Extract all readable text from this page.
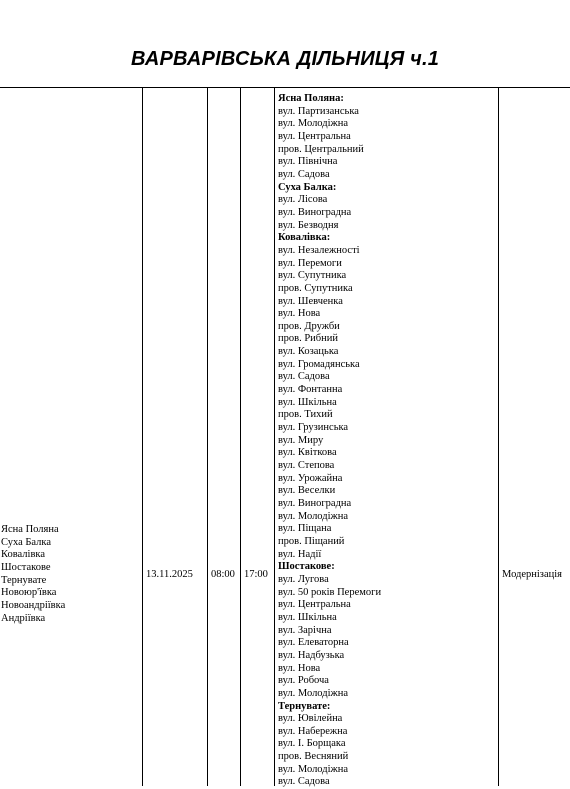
ВАРВАРІВСЬКА ДІЛЬНИЦЯ ч.1
Ясна Поляна
Суха Балка
Ковалівка
Шостакове
Тернувате
Новоюр'ївка
Новоандріївка
Андріївка
13.11.2025 08:00 17:00
Ясна Поляна:
вул. Партизанська
вул. Молодіжна
вул. Центральна
пров. Центральний
вул. Північна
вул. Садова
Суха Балка:
вул. Лісова
вул. Виноградна
вул. Безводня
Ковалівка:
вул. Незалежності
вул. Перемоги
вул. Супутника
пров. Супутника
вул. Шевченка
вул. Нова
пров. Дружби
пров. Рибний
вул. Козацька
вул. Громадянська
вул. Садова
вул. Фонтанна
вул. Шкільна
пров. Тихий
вул. Грузинська
вул. Миру
вул. Квіткова
вул. Степова
вул. Урожайна
вул. Веселки
вул. Виноградна
вул. Молодіжна
вул. Піщана
пров. Піщаний
вул. Надії
Шостакове:
вул. Лугова
вул. 50 років Перемоги
вул. Центральна
вул. Шкільна
вул. Зарічна
вул. Елеваторна
вул. Надбузька
вул. Нова
вул. Робоча
вул. Молодіжна
Тернувате:
вул. Ювілейна
вул. Набережна
вул. І. Борщака
пров. Весняний
вул. Молодіжна
вул. Садова
Модернізація
